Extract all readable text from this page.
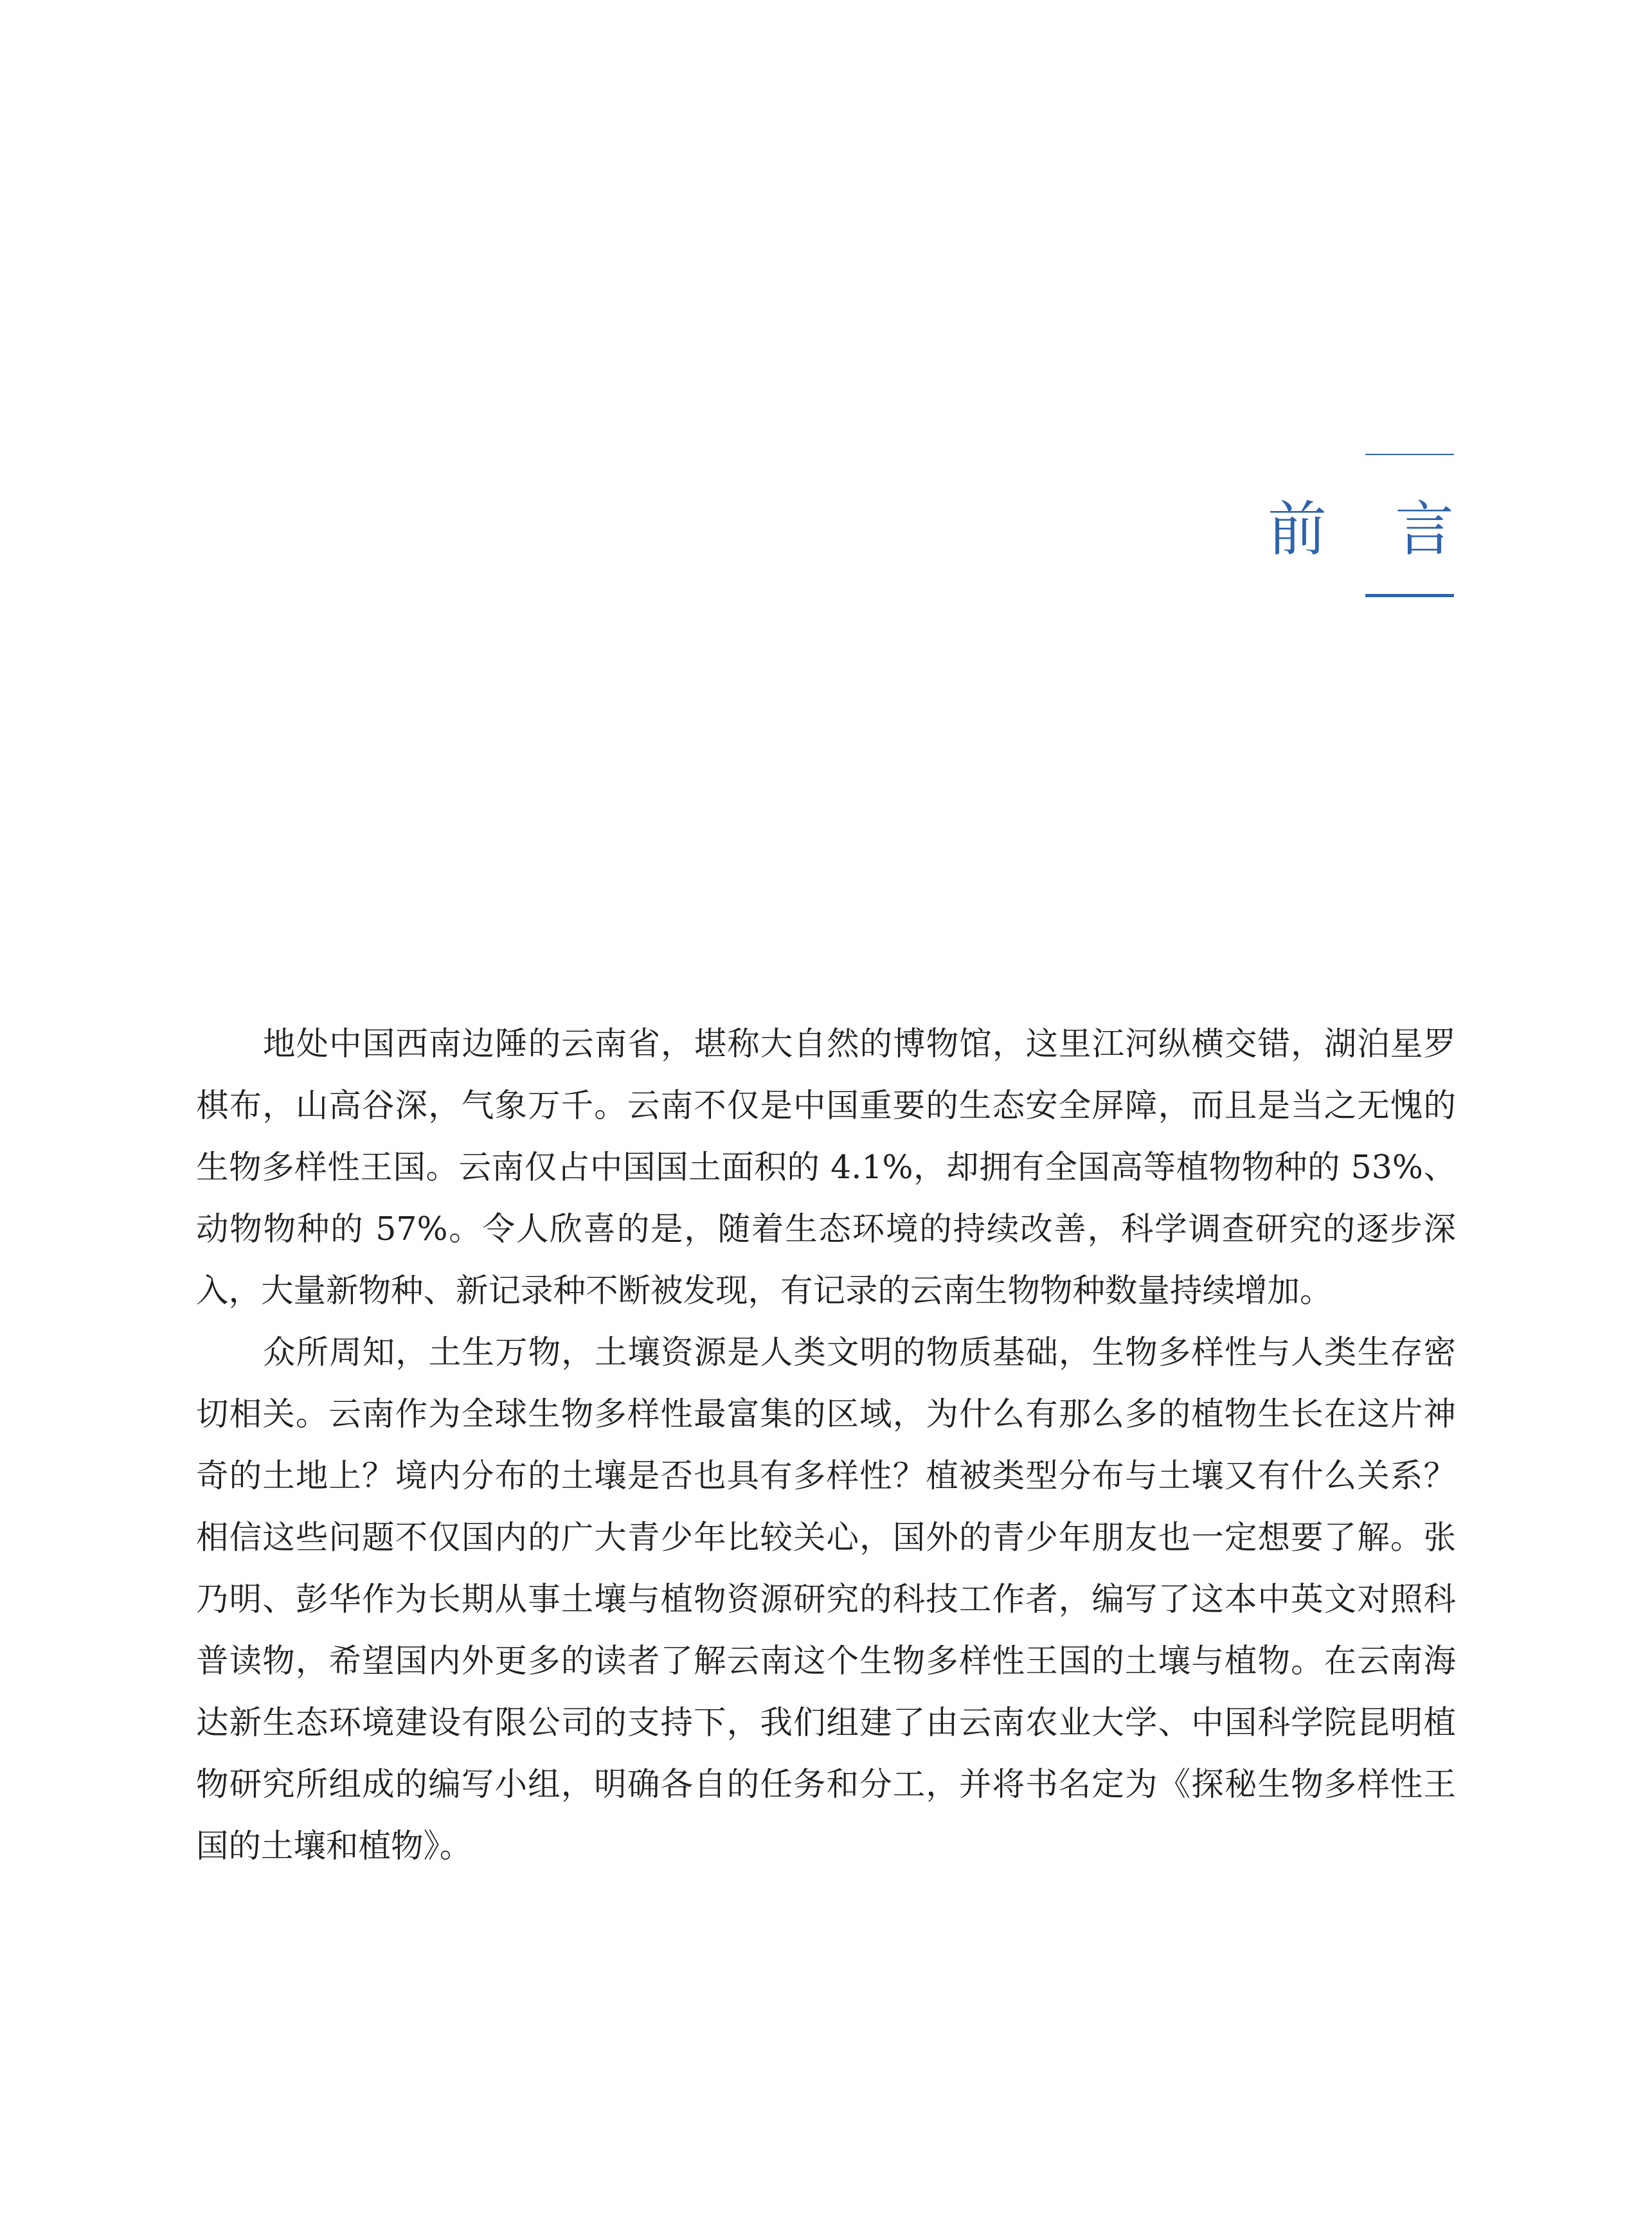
前 言

地处中国西南边陲的云南省，堪称大自然的博物馆，这里江河纵横交错，湖泊星罗棋布，山高谷深，气象万千。云南不仅是中国重要的生态安全屏障，而且是当之无愧的生物多样性王国。云南仅占中国国土面积的 4.1%，却拥有全国高等植物物种的 53%、动物物种的 57%。令人欣喜的是，随着生态环境的持续改善，科学调查研究的逐步深入，大量新物种、新记录种不断被发现，有记录的云南生物物种数量持续增加。

众所周知，土生万物，土壤资源是人类文明的物质基础，生物多样性与人类生存密切相关。云南作为全球生物多样性最富集的区域，为什么有那么多的植物生长在这片神奇的土地上？境内分布的土壤是否也具有多样性？植被类型分布与土壤又有什么关系？相信这些问题不仅国内的广大青少年比较关心，国外的青少年朋友也一定想要了解。张乃明、彭华作为长期从事土壤与植物资源研究的科技工作者，编写了这本中英文对照科普读物，希望国内外更多的读者了解云南这个生物多样性王国的土壤与植物。在云南海达新生态环境建设有限公司的支持下，我们组建了由云南农业大学、中国科学院昆明植物研究所组成的编写小组，明确各自的任务和分工，并将书名定为《探秘生物多样性王国的土壤和植物》。
